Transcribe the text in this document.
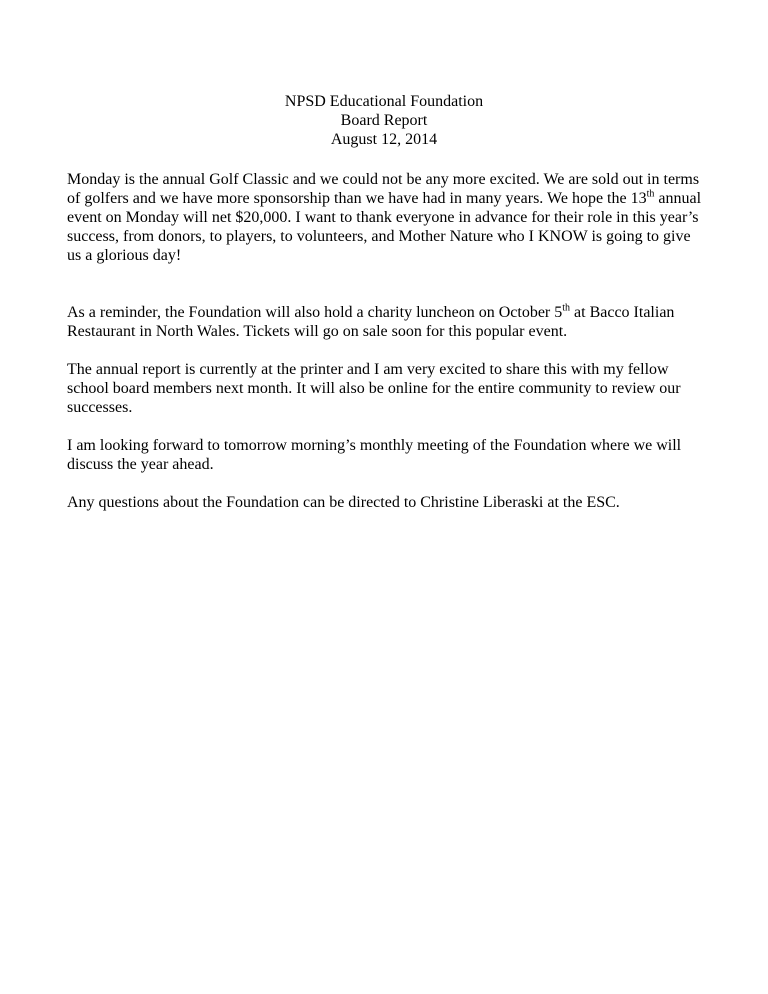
NPSD Educational Foundation
Board Report
August 12, 2014

Monday is the annual Golf Classic and we could not be any more excited. We are sold out in terms of golfers and we have more sponsorship than we have had in many years. We hope the 13th annual event on Monday will net $20,000. I want to thank everyone in advance for their role in this year’s success, from donors, to players, to volunteers, and Mother Nature who I KNOW is going to give us a glorious day!

As a reminder, the Foundation will also hold a charity luncheon on October 5th at Bacco Italian Restaurant in North Wales. Tickets will go on sale soon for this popular event.

The annual report is currently at the printer and I am very excited to share this with my fellow school board members next month. It will also be online for the entire community to review our successes.

I am looking forward to tomorrow morning’s monthly meeting of the Foundation where we will discuss the year ahead.

Any questions about the Foundation can be directed to Christine Liberaski at the ESC.
